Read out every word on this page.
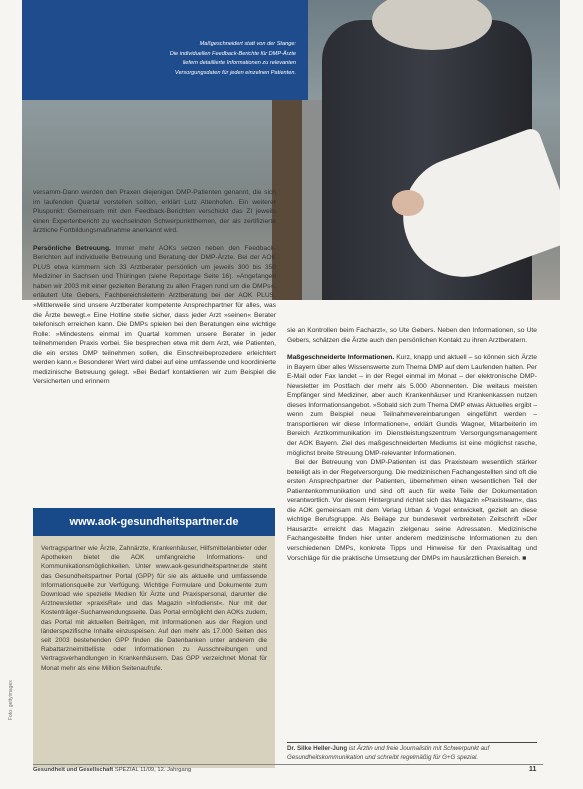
Maßgeschneidert statt von der Stange:
Die individuellen Feedback-Berichte für DMP-Ärzte
liefern detaillierte Informationen zu relevanten
Versorgungsdaten für jeden einzelnen Patienten.

versamm-Dann werden den Praxen diejenigen DMP-Patienten genannt, die sich im laufenden Quartal vorstellen sollten, erklärt Lutz Altenhofen. Ein weiterer Pluspunkt: Gemeinsam mit den Feedback-Berichten verschickt das ZI jeweils einen Expertenbericht zu wechselnden Schwerpunktthemen, der als zertifizierte ärztliche Fortbildungsmaßnahme anerkannt wird.

Persönliche Betreuung. Immer mehr AOKs setzen neben den Feedback-Berichten auf individuelle Betreuung und Beratung der DMP-Ärzte. Bei der AOK PLUS etwa kümmern sich 33 Arztberater persönlich um jeweils 300 bis 350 Mediziner in Sachsen und Thüringen (siehe Reportage Seite 16). »Angefangen haben wir 2003 mit einer gezielten Beratung zu allen Fragen rund um die DMPs«, erläutert Ute Gebers, Fachbereichsleiterin Arztberatung bei der AOK PLUS. »Mittlerweile sind unsere Arztberater kompetente Ansprechpartner für alles, was die Ärzte bewegt.« Eine Hotline stelle sicher, dass jeder Arzt »seinen« Berater telefonisch erreichen kann. Die DMPs spielen bei den Beratungen eine wichtige Rolle: »Mindestens einmal im Quartal kommen unsere Berater in jeder teilnehmenden Praxis vorbei. Sie besprechen etwa mit dem Arzt, wie Patienten, die ein erstes DMP teilnehmen sollen, die Einschreibeprozedere erleichtert werden kann.« Besonderer Wert wird dabei auf eine umfassende und koordinierte medizinische Betreuung gelegt. »Bei Bedarf kontaktieren wir zum Beispiel die Versicherten und erinnern

www.aok-gesundheitspartner.de
Vertragspartner wie Ärzte, Zahnärzte, Krankenhäuser, Hilfsmittelanbieter oder Apotheken bietet die AOK umfangreiche Informations- und Kommunikationsmöglichkeiten. Unter www.aok-gesundheitspartner.de steht das Gesundheitspartner Portal (GPP) für sie als aktuelle und umfassende Informationsquelle zur Verfügung. Wichtige Formulare und Dokumente zum Download wie spezielle Medien für Ärzte und Praxispersonal, darunter die Arztnewsletter »praxisRat« und das Magazin »Infodienst«. Nur mit der Kostenträger-Suchanwendungsseite. Das Portal ermöglicht den AOKs zudem, das Portal mit aktuellen Beiträgen, mit Informationen aus der Region und länderspezifische Inhalte einzuspeisen. Auf den mehr als 17.000 Seiten des seit 2003 bestehenden GPP finden die Datenbanken unter anderem die Rabattarzneimittelliste oder Informationen zu Ausschreibungen und Vertragsverhandlungen in Krankenhäusern. Das GPP verzeichnet Monat für Monat mehr als eine Million Seitenaufrufe.

sie an Kontrollen beim Facharzt«, so Ute Gebers. Neben den Informationen, so Ute Gebers, schätzen die Ärzte auch den persönlichen Kontakt zu ihren Arztberatern.

Maßgeschneiderte Informationen. Kurz, knapp und aktuell – so können sich Ärzte in Bayern über alles Wissenswerte zum Thema DMP auf dem Laufenden halten. Per E-Mail oder Fax landet – in der Regel einmal im Monat – der elektronische DMP-Newsletter im Postfach der mehr als 5.000 Abonnenten. Die weitaus meisten Empfänger sind Mediziner, aber auch Krankenhäuser und Krankenkassen nutzen dieses Informationsangebot. »Sobald sich zum Thema DMP etwas Aktuelles ergibt – wenn zum Beispiel neue Teilnahmevereinbarungen eingeführt werden – transportieren wir diese Informationen«, erklärt Gundis Wagner, Mitarbeiterin im Bereich Arztkommunikation im Dienstleistungszentrum Versorgungsmanagement der AOK Bayern. Ziel des maßgeschneiderten Mediums ist eine möglichst rasche, möglichst breite Streuung DMP-relevanter Informationen.

Bei der Betreuung von DMP-Patienten ist das Praxisteam wesentlich stärker beteiligt als in der Regelversorgung. Die medizinischen Fachangestellten sind oft die ersten Ansprechpartner der Patienten, übernehmen einen wesentlichen Teil der Patientenkommunikation und sind oft auch für weite Teile der Dokumentation verantwortlich. Vor diesem Hintergrund richtet sich das Magazin »Praxisteam«, das die AOK gemeinsam mit dem Verlag Urban & Vogel entwickelt, gezielt an diese wichtige Berufsgruppe. Als Beilage zur bundesweit verbreiteten Zeitschrift »Der Hausarzt« erreicht das Magazin zielgenau seine Adressaten. Medizinische Fachangestellte finden hier unter anderem medizinische Informationen zu den verschiedenen DMPs, konkrete Tipps und Hinweise für den Praxisalltag und Vorschläge für die praktische Umsetzung der DMPs im hausärztlichen Bereich. ■

Dr. Silke Heller-Jung ist Ärztin und freie Journalistin mit Schwerpunkt auf Gesundheitskommunikation und schreibt regelmäßig für G+G spezial.
Foto: gettyimages
Gesundheit und Gesellschaft SPEZIAL 11/09, 12. Jahrgang	11
